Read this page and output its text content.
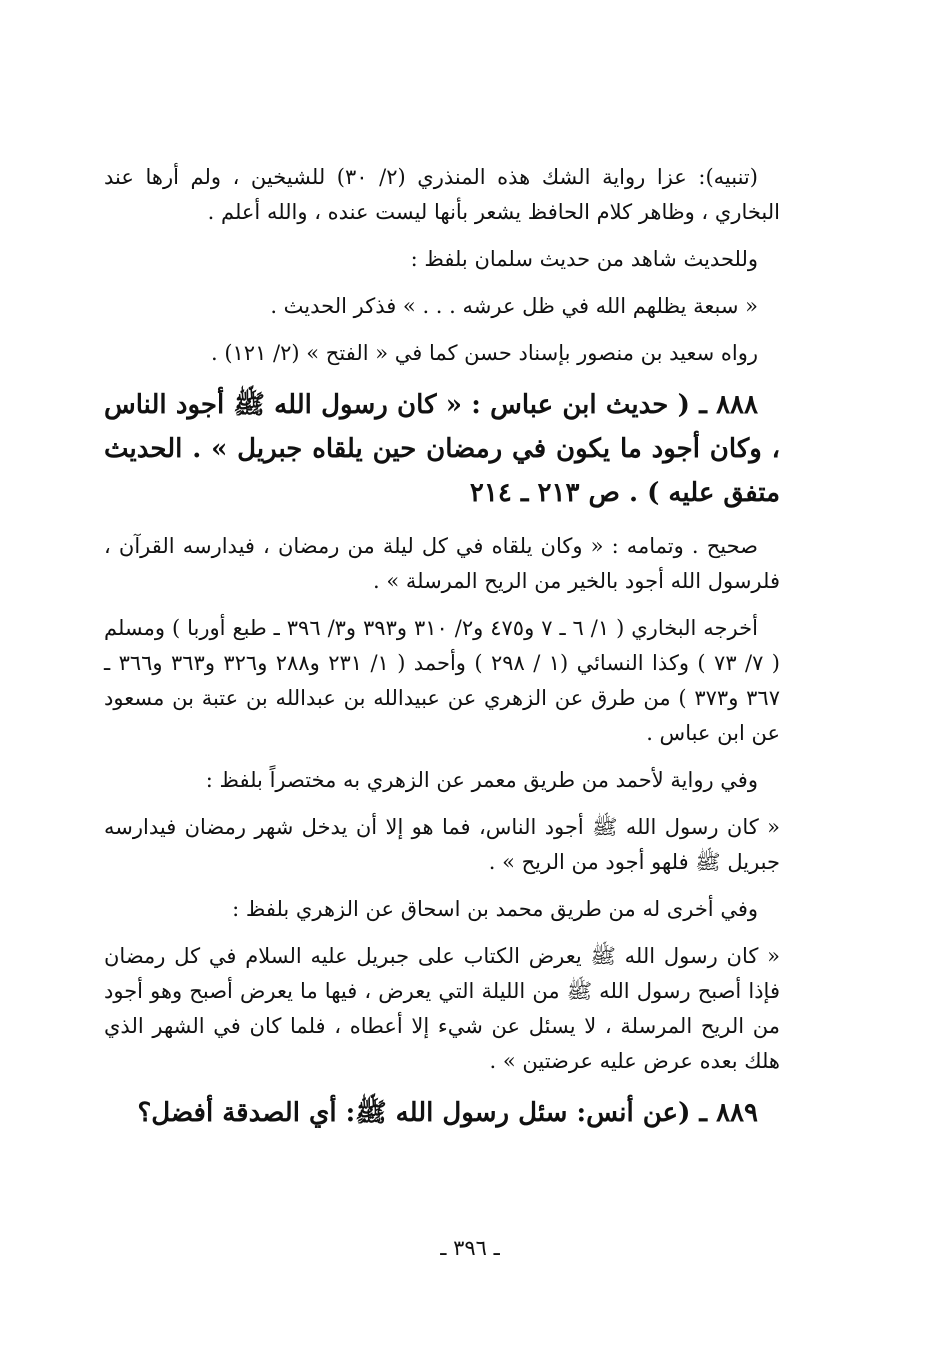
(تنبيه): عزا رواية الشك هذه المنذري (٢/ ٣٠) للشيخين ، ولم أرها عند البخاري ، وظاهر كلام الحافظ يشعر بأنها ليست عنده ، والله أعلم .

وللحديث شاهد من حديث سلمان بلفظ :

« سبعة يظلهم الله في ظل عرشه . . . » فذكر الحديث .

رواه سعيد بن منصور بإسناد حسن كما في « الفتح » (٢/ ١٢١) .

٨٨٨ ـ ( حديث ابن عباس : « كان رسول الله ﷺ أجود الناس ، وكان أجود ما يكون في رمضان حين يلقاه جبريل » . الحديث متفق عليه ) . ص ٢١٣ ـ ٢١٤

صحيح . وتمامه : « وكان يلقاه في كل ليلة من رمضان ، فيدارسه القرآن ، فلرسول الله أجود بالخير من الريح المرسلة » .

أخرجه البخاري ( ١/ ٦ ـ ٧ و٤٧٥ و٢/ ٣١٠ و٣٩٣ و٣/ ٣٩٦ ـ طبع أوربا ) ومسلم ( ٧/ ٧٣ ) وكذا النسائي (١ / ٢٩٨ ) وأحمد ( ١/ ٢٣١ و٢٨٨ و٣٢٦ و٣٦٣ و٣٦٦ ـ ٣٦٧ و٣٧٣ ) من طرق عن الزهري عن عبيدالله بن عبدالله بن عتبة بن مسعود عن ابن عباس .

وفي رواية لأحمد من طريق معمر عن الزهري به مختصراً بلفظ :

« كان رسول الله ﷺ أجود الناس، فما هو إلا أن يدخل شهر رمضان فيدارسه جبريل ﷺ فلهو أجود من الريح » .

وفي أخرى له من طريق محمد بن اسحاق عن الزهري بلفظ :

« كان رسول الله ﷺ يعرض الكتاب على جبريل عليه السلام في كل رمضان فإذا أصبح رسول الله ﷺ من الليلة التي يعرض ، فيها ما يعرض أصبح وهو أجود من الريح المرسلة ، لا يسئل عن شيء إلا أعطاه ، فلما كان في الشهر الذي هلك بعده عرض عليه عرضتين » .

٨٨٩ ـ (عن أنس: سئل رسول الله ﷺ: أي الصدقة أفضل؟

ـ ٣٩٦ ـ
